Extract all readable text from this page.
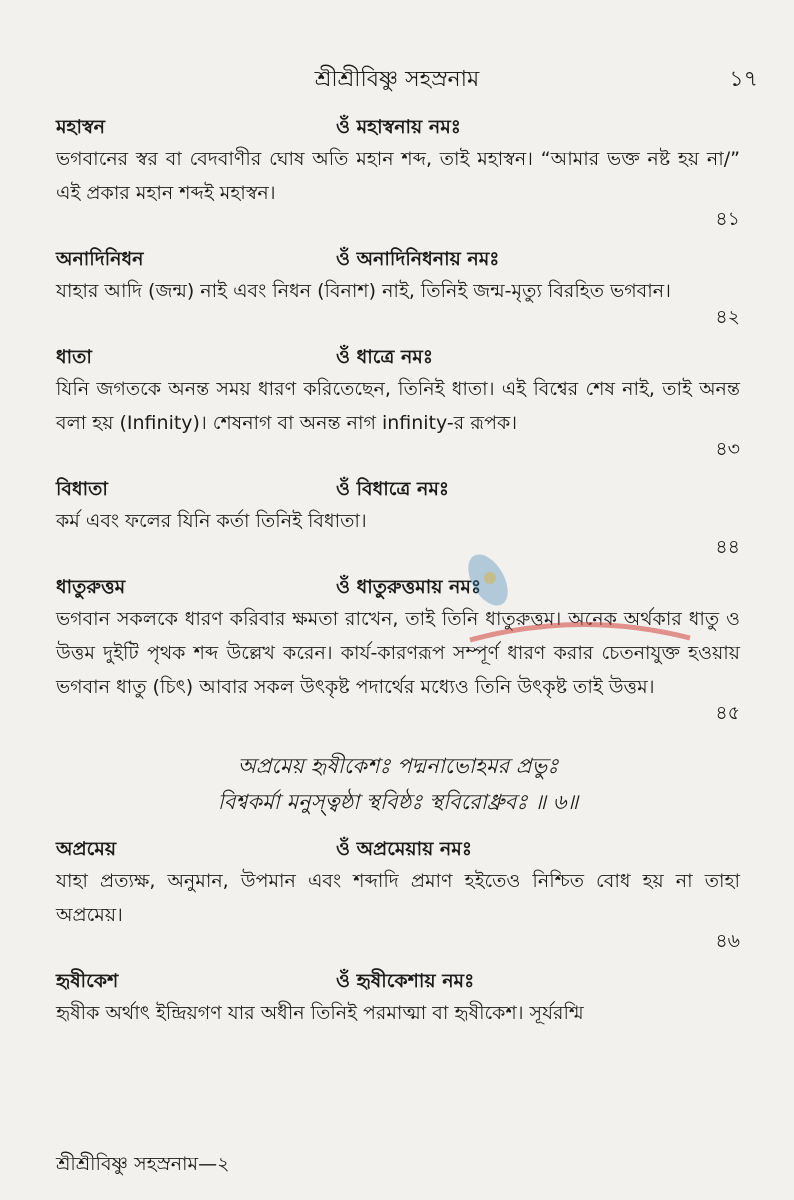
শ্রীশ্রীবিষ্ণু সহস্রনাম	১৭
মহাস্বন	ওঁ মহাস্বনায় নমঃ
ভগবানের স্বর বা বেদবাণীর ঘোষ অতি মহান শব্দ, তাই মহাস্বন। “আমার ভক্ত নষ্ট হয় না/” এই প্রকার মহান শব্দই মহাস্বন।
৪১
অনাদিনিধন	ওঁ অনাদিনিধনায় নমঃ
যাহার আদি (জন্ম) নাই এবং নিধন (বিনাশ) নাই, তিনিই জন্ম-মৃত্যু বিরহিত ভগবান।
৪২
ধাতা	ওঁ ধাত্রে নমঃ
যিনি জগতকে অনন্ত সময় ধারণ করিতেছেন, তিনিই ধাতা। এই বিশ্বের শেষ নাই, তাই অনন্ত বলা হয় (Infinity)। শেষনাগ বা অনন্ত নাগ infinity-র রূপক।
৪৩
বিধাতা	ওঁ বিধাত্রে নমঃ
কর্ম এবং ফলের যিনি কর্তা তিনিই বিধাতা।
৪৪
ধাতুরুত্তম	ওঁ ধাতুরুত্তমায় নমঃ
ভগবান সকলকে ধারণ করিবার ক্ষমতা রাখেন, তাই তিনি ধাতুরুত্তম। অনেক অর্থকার ধাতু ও উত্তম দুইটি পৃথক শব্দ উল্লেখ করেন। কার্য-কারণরূপ সম্পূর্ণ ধারণ করার চেতনাযুক্ত হওয়ায় ভগবান ধাতু (চিৎ) আবার সকল উৎকৃষ্ট পদার্থের মধ্যেও তিনি উৎকৃষ্ট তাই উত্তম।
৪৫
অপ্রমেয় হৃষীকেশঃ পদ্মনাভোহমর প্রভুঃ
বিশ্বকর্মা মনুস্ত্বষ্ঠা স্থবিষ্ঠঃ স্থবিরোধ্রুবঃ ॥ ৬॥
অপ্রমেয়	ওঁ অপ্রমেয়ায় নমঃ
যাহা প্রত্যক্ষ, অনুমান, উপমান এবং শব্দাদি প্রমাণ হইতেও নিশ্চিত বোধ হয় না তাহা অপ্রমেয়।
৪৬
হৃষীকেশ	ওঁ হৃষীকেশায় নমঃ
হৃষীক অর্থাৎ ইন্দ্রিয়গণ যার অধীন তিনিই পরমাত্মা বা হৃষীকেশ। সূর্যরশ্মি
শ্রীশ্রীবিষ্ণু সহস্রনাম—২
